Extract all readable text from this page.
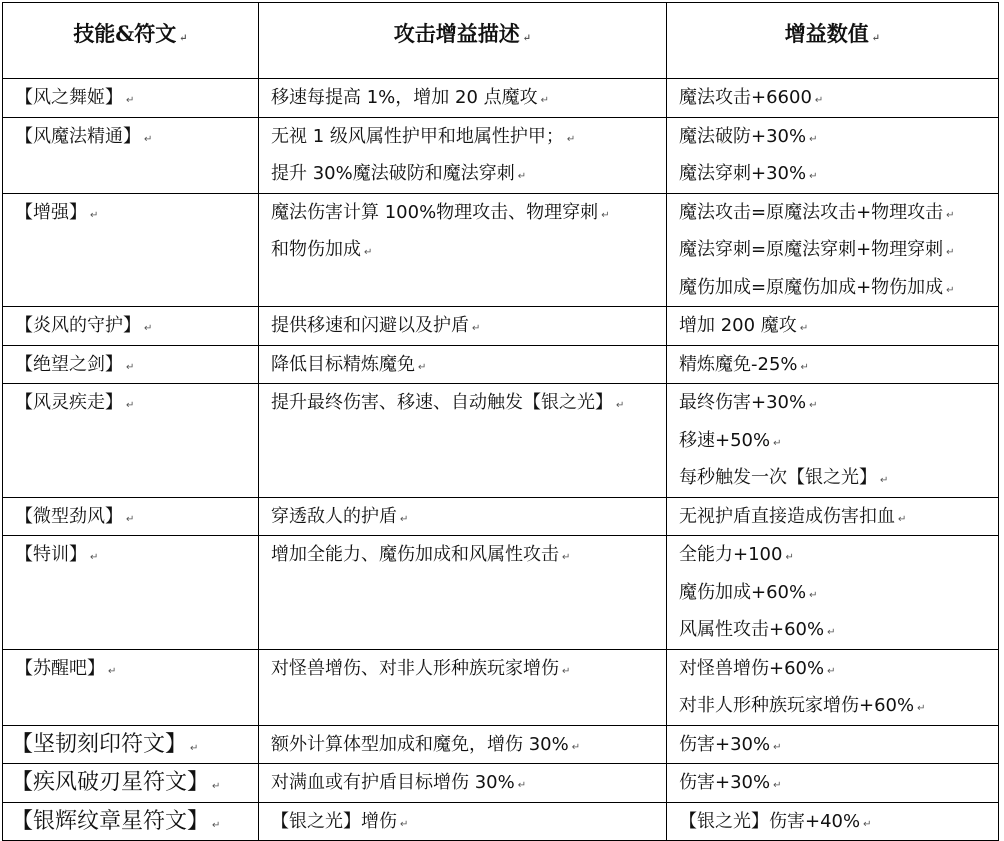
技能&符文 ↵	攻击增益描述 ↵	增益数值 ↵

【风之舞姬】 ↵	移速每提高 1%，增加 20 点魔攻 ↵	魔法攻击+6600 ↵

【风魔法精通】 ↵	无视 1 级风属性护甲和地属性护甲； ↵
提升 30%魔法破防和魔法穿刺 ↵	魔法破防+30% ↵
魔法穿刺+30% ↵

【增强】 ↵	魔法伤害计算 100%物理攻击、物理穿刺 ↵
和物伤加成 ↵	魔法攻击=原魔法攻击+物理攻击 ↵
魔法穿刺=原魔法穿刺+物理穿刺 ↵
魔伤加成=原魔伤加成+物伤加成 ↵

【炎风的守护】 ↵	提供移速和闪避以及护盾 ↵	增加 200 魔攻 ↵

【绝望之剑】 ↵	降低目标精炼魔免 ↵	精炼魔免-25% ↵

【风灵疾走】 ↵	提升最终伤害、移速、自动触发【银之光】 ↵	最终伤害+30% ↵
移速+50% ↵
每秒触发一次【银之光】 ↵

【微型劲风】 ↵	穿透敌人的护盾 ↵	无视护盾直接造成伤害扣血 ↵

【特训】 ↵	增加全能力、魔伤加成和风属性攻击 ↵	全能力+100 ↵
魔伤加成+60% ↵
风属性攻击+60% ↵

【苏醒吧】 ↵	对怪兽增伤、对非人形种族玩家增伤 ↵	对怪兽增伤+60% ↵
对非人形种族玩家增伤+60% ↵

【坚韧刻印符文】 ↵	额外计算体型加成和魔免，增伤 30% ↵	伤害+30% ↵

【疾风破刃星符文】 ↵	对满血或有护盾目标增伤 30% ↵	伤害+30% ↵

【银辉纹章星符文】 ↵	【银之光】增伤 ↵	【银之光】伤害+40% ↵
